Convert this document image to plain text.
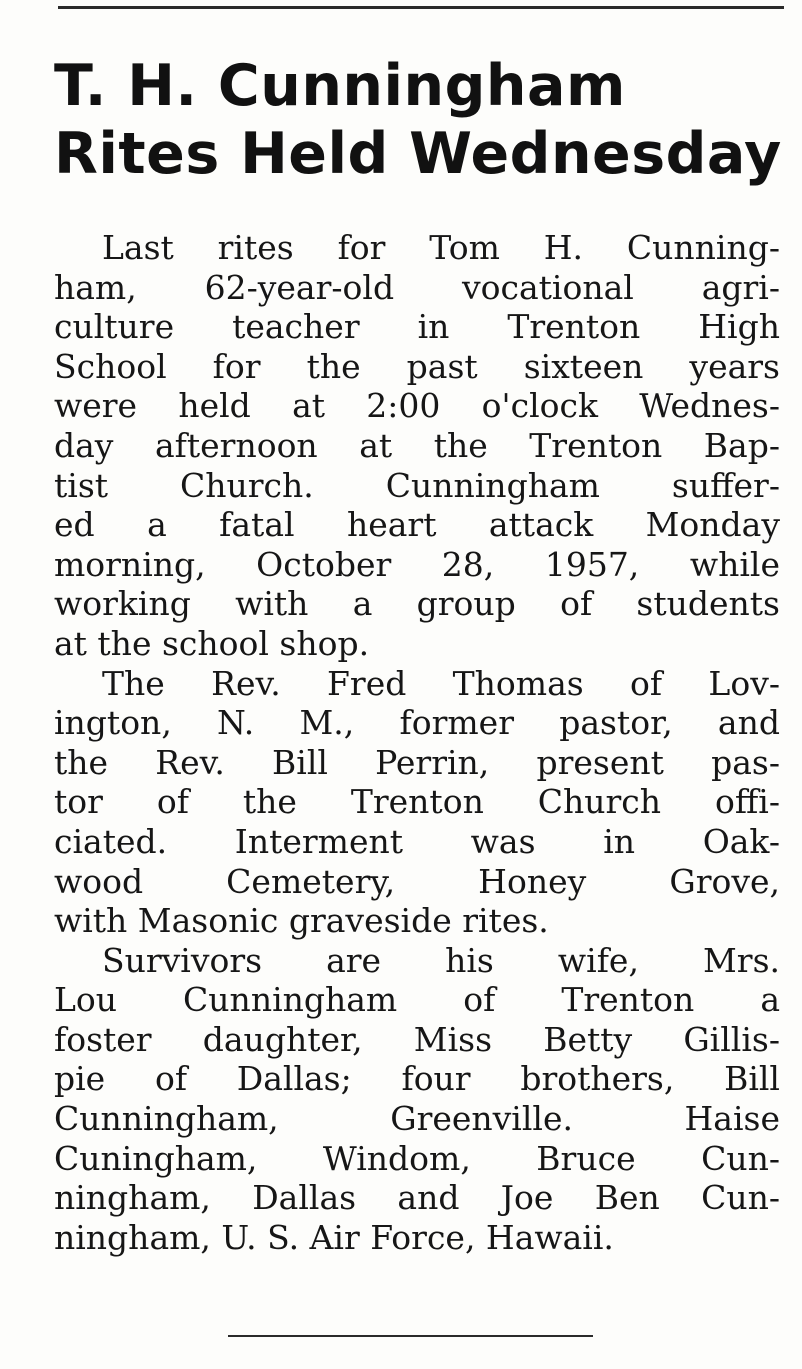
T. H. Cunningham
Rites Held Wednesday

Last rites for Tom H. Cunning-
ham, 62-year-old vocational agri-
culture teacher in Trenton High
School for the past sixteen years
were held at 2:00 o'clock Wednes-
day afternoon at the Trenton Bap-
tist Church. Cunningham suffer-
ed a fatal heart attack Monday
morning, October 28, 1957, while
working with a group of students
at the school shop.

The Rev. Fred Thomas of Lov-
ington, N. M., former pastor, and
the Rev. Bill Perrin, present pas-
tor of the Trenton Church offi-
ciated. Interment was in Oak-
wood Cemetery, Honey Grove,
with Masonic graveside rites.

Survivors are his wife, Mrs.
Lou Cunningham of Trenton a
foster daughter, Miss Betty Gillis-
pie of Dallas; four brothers, Bill
Cunningham, Greenville. Haise
Cuningham, Windom, Bruce Cun-
ningham, Dallas and Joe Ben Cun-
ningham, U. S. Air Force, Hawaii.
